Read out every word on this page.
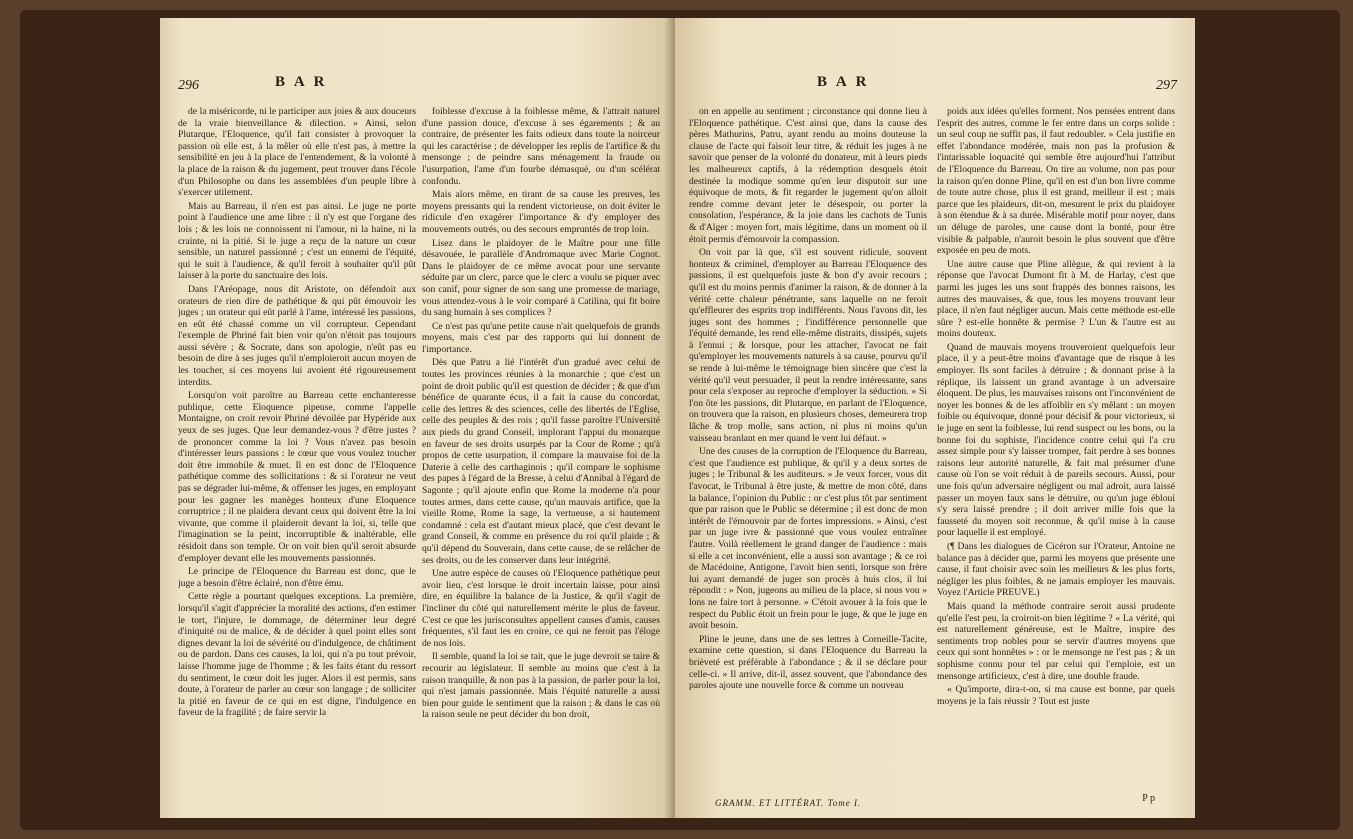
296	B A R

de la miséricorde, ni le participer aux joies & aux douceurs de la vraie bienveillance & dilection. » Ainsi, selon Plutarque, l'Eloquence, qu'il fait consister à provoquer la passion où elle est, à la mêler où elle n'est pas, à mettre la sensibilité en jeu à la place de l'entendement, & la volonté à la place de la raison & du jugement, peut trouver dans l'école d'un Philosophe ou dans les assemblées d'un peuple libre à s'exercer utilement.

Mais au Barreau, il n'en est pas ainsi. Le juge ne porte point à l'audience une ame libre : il n'y est que l'organe des lois ; & les lois ne connoissent ni l'amour, ni la haine, ni la crainte, ni la pitié. Si le juge a reçu de la nature un cœur sensible, un naturel passionné ; c'est un ennemi de l'équité, qui le suit à l'audience, & qu'il feroit à souhaiter qu'il pût laisser à la porte du sanctuaire des lois.

Dans l'Aréopage, nous dit Aristote, on défendoit aux orateurs de rien dire de pathétique & qui pût émouvoir les juges ; un orateur qui eût parlé à l'ame, intéressé les passions, en eût été chassé comme un vil corrupteur. Cependant l'exemple de Phriné fait bien voir qu'on n'étoit pas toujours aussi sévère ; & Socrate, dans son apologie, n'eût pas eu besoin de dire à ses juges qu'il n'emploieroit aucun moyen de les toucher, si ces moyens lui avoient été rigoureusement interdits.

Lorsqu'on voit paroître au Barreau cette enchanteresse publique, cette Eloquence pipeuse, comme l'appelle Montaigne, on croit revoir Phriné dévoilée par Hypéride aux yeux de ses juges. Que leur demandez-vous ? d'être justes ? de prononcer comme la loi ? Vous n'avez pas besoin d'intéresser leurs passions : le cœur que vous voulez toucher doit être immobile & muet. Il en est donc de l'Eloquence pathétique comme des sollicitations : & si l'orateur ne veut pas se dégrader lui-même, & offenser les juges, en employant pour les gagner les manèges honteux d'une Eloquence corruptrice ; il ne plaidera devant ceux qui doivent être la loi vivante, que comme il plaideroit devant la loi, si, telle que l'imagination se la peint, incorruptible & inaltérable, elle résidoit dans son temple. Or on voit bien qu'il seroit absurde d'employer devant elle les mouvements passionnés.

Le principe de l'Eloquence du Barreau est donc, que le juge a besoin d'être éclairé, non d'être ému.

Cette règle a pourtant quelques exceptions. La première, lorsqu'il s'agit d'apprécier la moralité des actions, d'en estimer le tort, l'injure, le dommage, de déterminer leur degré d'iniquité ou de malice, & de décider à quel point elles sont dignes devant la loi de sévérité ou d'indulgence, de châtiment ou de pardon. Dans ces causes, la loi, qui n'a pu tout prévoir, laisse l'homme juge de l'homme ; & les faits étant du ressort du sentiment, le cœur doit les juger. Alors il est permis, sans doute, à l'orateur de parler au cœur son langage ; de solliciter la pitié en faveur de ce qui en est digne, l'indulgence en faveur de la fragilité ; de faire servir la

foiblesse d'excuse à la foiblesse même, & l'attrait naturel d'une passion douce, d'excuse à ses égarements ; & au contraire, de présenter les faits odieux dans toute la noirceur qui les caractérise ; de développer les replis de l'artifice & du mensonge ; de peindre sans ménagement la fraude ou l'usurpation, l'ame d'un fourbe démasqué, ou d'un scélérat confondu.

Mais alors même, en tirant de sa cause les preuves, les moyens pressants qui la rendent victorieuse, on doit éviter le ridicule d'en exagérer l'importance & d'y employer des mouvements outrés, ou des secours empruntés de trop loin.

Lisez dans le plaidoyer de le Maître pour une fille désavouée, le parallèle d'Andromaque avec Marie Cognot. Dans le plaidoyer de ce même avocat pour une servante séduite par un clerc, parce que le clerc a voulu se piquer avec son canif, pour signer de son sang une promesse de mariage, vous attendez-vous à le voir comparé à Catilina, qui fit boire du sang humain à ses complices ?

Ce n'est pas qu'une petite cause n'ait quelquefois de grands moyens, mais c'est par des rapports qui lui donnent de l'importance.

Dès que Patru a lié l'intérêt d'un gradué avec celui de toutes les provinces réunies à la monarchie ; que c'est un point de droit public qu'il est question de décider ; & que d'un bénéfice de quarante écus, il a fait la cause du concordat, celle des lettres & des sciences, celle des libertés de l'Eglise, celle des peuples & des rois ; qu'il fasse paroître l'Université aux pieds du grand Conseil, implorant l'appui du monarque en faveur de ses droits usurpés par la Cour de Rome ; qu'à propos de cette usurpation, il compare la mauvaise foi de la Daterie à celle des carthaginois ; qu'il compare le sophisme des papes à l'égard de la Bresse, à celui d'Annibal à l'égard de Sagonte ; qu'il ajoute enfin que Rome la moderne n'a pour toutes armes, dans cette cause, qu'un mauvais artifice, que la vieille Rome, Rome la sage, la vertueuse, a si hautement condamné : cela est d'autant mieux placé, que c'est devant le grand Conseil, & comme en présence du roi qu'il plaide ; & qu'il dépend du Souverain, dans cette cause, de se relâcher de ses droits, ou de les conserver dans leur intégrité.

Une autre espèce de causes où l'Eloquence pathétique peut avoir lieu, c'est lorsque le droit incertain laisse, pour ainsi dire, en équilibre la balance de la Justice, & qu'il s'agit de l'incliner du côté qui naturellement mérite le plus de faveur. C'est ce que les jurisconsultes appellent causes d'amis, causes fréquentes, s'il faut les en croire, ce qui ne feroit pas l'éloge de nos lois.

Il semble, quand la loi se tait, que le juge devroit se taire & recourir au législateur. Il semble au moins que c'est à la raison tranquille, & non pas à la passion, de parler pour la loi, qui n'est jamais passionnée. Mais l'équité naturelle a aussi bien pour guide le sentiment que la raison ; & dans le cas où la raison seule ne peut décider du bon droit,

B A R	297

on en appelle au sentiment ; circonstance qui donne lieu à l'Eloquence pathétique. C'est ainsi que, dans la cause des pères Mathurins, Patru, ayant rendu au moins douteuse la clause de l'acte qui faisoit leur titre, & réduit les juges à ne savoir que penser de la volonté du donateur, mit à leurs pieds les malheureux captifs, à la rédemption desquels étoit destinée la modique somme qu'en leur disputoit sur une équivoque de mots, & fit regarder le jugement qu'on alloit rendre comme devant jeter le désespoir, ou porter la consolation, l'espérance, & la joie dans les cachots de Tunis & d'Alger : moyen fort, mais légitime, dans un moment où il étoit permis d'émouvoir la compassion.

On voit par là que, s'il est souvent ridicule, souvent honteux & criminel, d'employer au Barreau l'Eloquence des passions, il est quelquefois juste & bon d'y avoir recours ; qu'il est du moins permis d'animer la raison, & de donner à la vérité cette chaleur pénétrante, sans laquelle on ne feroit qu'effleurer des esprits trop indifférents. Nous l'avons dit, les juges sont des hommes ; l'indifférence personnelle que l'équité demande, les rend elle-même distraits, dissipés, sujets à l'ennui ; & lorsque, pour les attacher, l'avocat ne fait qu'employer les mouvements naturels à sa cause, pourvu qu'il se rende à lui-même le témoignage bien sincère que c'est la vérité qu'il veut persuader, il peut la rendre intéressante, sans pour cela s'exposer au reproche d'employer la séduction. » Si l'on ôte les passions, dit Plutarque, en parlant de l'Eloquence, on trouvera que la raison, en plusieurs choses, demeurera trop lâche & trop molle, sans action, ni plus ni moins qu'un vaisseau branlant en mer quand le vent lui défaut. »

Une des causes de la corruption de l'Eloquence du Barreau, c'est que l'audience est publique, & qu'il y a deux sortes de juges ; le Tribunal & les auditeurs. » Je veux forcer, vous dit l'avocat, le Tribunal à être juste, & mettre de mon côté, dans la balance, l'opinion du Public : or c'est plus tôt par sentiment que par raison que le Public se détermine ; il est donc de mon intérêt de l'émouvoir par de fortes impressions. » Ainsi, c'est par un juge ivre & passionné que vous voulez entraîner l'autre. Voilà réellement le grand danger de l'audience : mais si elle a cet inconvénient, elle a aussi son avantage ; & ce roi de Macédoine, Antigone, l'avoit bien senti, lorsque son frère lui ayant demandé de juger son procès à huis clos, il lui répondit : » Non, jugeons au milieu de la place, si nous vou » lons ne faire tort à personne. » C'étoit avouer à la fois que le respect du Public étoit un frein pour le juge, & que le juge en avoit besoin.

Pline le jeune, dans une de ses lettres à Corneille-Tacite, examine cette question, si dans l'Eloquence du Barreau la brièveté est préférable à l'abondance ; & il se déclare pour celle-ci. » Il arrive, dit-il, assez souvent, que l'abondance des paroles ajoute une nouvelle force & comme un nouveau

poids aux idées qu'elles forment. Nos pensées entrent dans l'esprit des autres, comme le fer entre dans un corps solide : un seul coup ne suffit pas, il faut redoubler. » Cela justifie en effet l'abondance modérée, mais non pas la profusion & l'intarissable loquacité qui semble être aujourd'hui l'attribut de l'Eloquence du Barreau. On tire au volume, non pas pour la raison qu'en donne Pline, qu'il en est d'un bon livre comme de toute autre chose, plus il est grand, meilleur il est ; mais parce que les plaideurs, dit-on, mesurent le prix du plaidoyer à son étendue & à sa durée. Misérable motif pour noyer, dans un déluge de paroles, une cause dont la bonté, pour être visible & palpable, n'auroit besoin le plus souvent que d'être exposée en peu de mots.

Une autre cause que Pline allègue, & qui revient à la réponse que l'avocat Dumont fit à M. de Harlay, c'est que parmi les juges les uns sont frappés des bonnes raisons, les autres des mauvaises, & que, tous les moyens trouvant leur place, il n'en faut négliger aucun. Mais cette méthode est-elle sûre ? est-elle honnête & permise ? L'un & l'autre est au moins douteux.

Quand de mauvais moyens trouveroient quelquefois leur place, il y a peut-être moins d'avantage que de risque à les employer. Ils sont faciles à détruire ; & donnant prise à la réplique, ils laissent un grand avantage à un adversaire éloquent. De plus, les mauvaises raisons ont l'inconvénient de noyer les bonnes & de les affoiblir en s'y mêlant : un moyen foible ou équivoque, donné pour décisif & pour victorieux, si le juge en sent la foiblesse, lui rend suspect ou les bons, ou la bonne foi du sophiste, l'incidence contre celui qui l'a cru assez simple pour s'y laisser tromper, fait perdre à ses bonnes raisons leur autorité naturelle, & fait mal présumer d'une cause où l'on se voit réduit à de pareils secours. Aussi, pour une fois qu'un adversaire négligent ou mal adroit, aura laissé passer un moyen faux sans le détruire, ou qu'un juge ébloui s'y sera laissé prendre ; il doit arriver mille fois que la fausseté du moyen soit reconnue, & qu'il nuise à la cause pour laquelle il est employé.

(¶ Dans les dialogues de Cicéron sur l'Orateur, Antoine ne balance pas à décider que, parmi les moyens que présente une cause, il faut choisir avec soin les meilleurs & les plus forts, négliger les plus foibles, & ne jamais employer les mauvais. Voyez l'Article PREUVE.)

Mais quand la méthode contraire seroit aussi prudente qu'elle l'est peu, la croiroit-on bien légitime ? « La vérité, qui est naturellement généreuse, est le Maître, inspire des sentiments trop nobles pour se servir d'autres moyens que ceux qui sont honnêtes » : or le mensonge ne l'est pas ; & un sophisme connu pour tel par celui qui l'emploie, est un mensonge artificieux, c'est à dire, une double fraude.

« Qu'importe, dira-t-on, si ma cause est bonne, par quels moyens je la fais réussir ? Tout est juste

GRAMM. ET LITTÉRAT. Tome I.	P p
